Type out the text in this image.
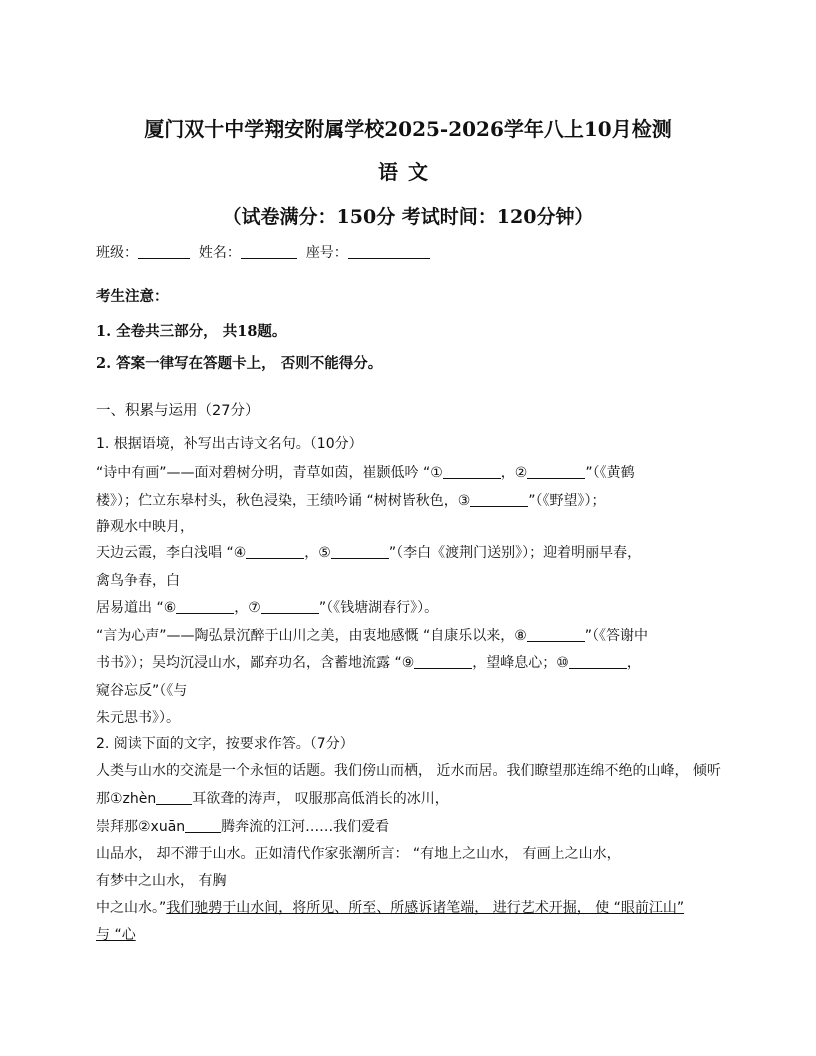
厦门双十中学翔安附属学校2025-2026学年八上10月检测
语文
（试卷满分：150分 考试时间：120分钟）
班级：	姓名：	座号：
考生注意：
1. 全卷共三部分， 共18题。
2. 答案一律写在答题卡上， 否则不能得分。
一、积累与运用（27分）
1. 根据语境，补写出古诗文名句。（10分）
“诗中有画”——面对碧树分明，青草如茵，崔颢低吟 “①	，②	”（《黄鹤
楼》）；伫立东皋村头，秋色浸染，王绩吟诵 “树树皆秋色，③	”（《野望》）；
静观水中映月，
天边云霞，李白浅唱 “④	，⑤	”（李白《渡荆门送别》）；迎着明丽早春，
禽鸟争春，白
居易道出 “⑥	，⑦	”（《钱塘湖春行》）。
“言为心声”——陶弘景沉醉于山川之美，由衷地感慨 “自康乐以来，⑧	”（《答谢中
书书》）；吴均沉浸山水，鄙弃功名，含蓄地流露 “⑨	，望峰息心；⑩	，
窥谷忘反”（《与
朱元思书》）。
2. 阅读下面的文字，按要求作答。（7分）
人类与山水的交流是一个永恒的话题。我们傍山而栖， 近水而居。我们瞭望那连绵不绝的山峰， 倾听
那①zhèn	耳欲聋的涛声， 叹服那高低消长的冰川，
崇拜那②xuān	腾奔流的江河……我们爱看
山品水， 却不滞于山水。正如清代作家张潮所言： “有地上之山水， 有画上之山水，
有梦中之山水， 有胸
中之山水。”我们驰骋于山水间，将所见、所至、所感诉诸笔端， 进行艺术开掘， 使 “眼前江山”
与 “心
